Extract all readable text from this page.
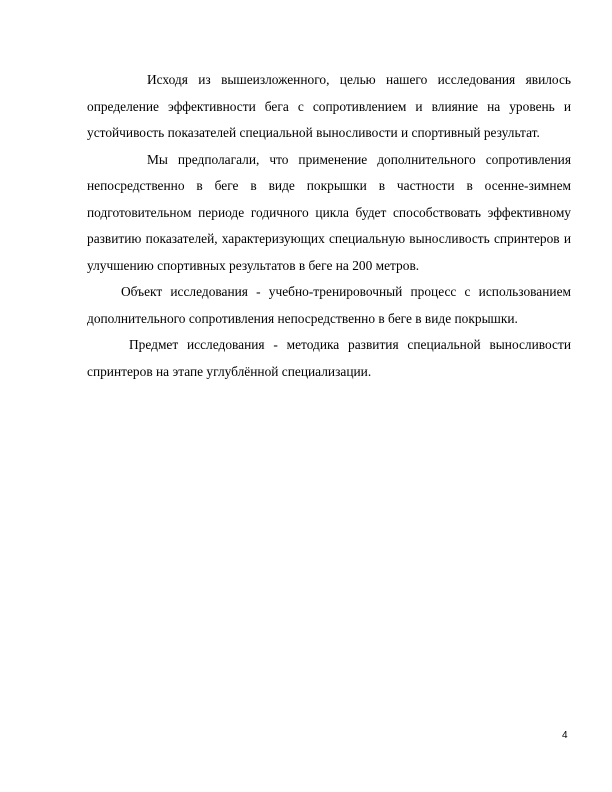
Исходя из вышеизложенного, целью нашего исследования явилось определение эффективности бега с сопротивлением и влияние на уровень и устойчивость показателей специальной выносливости и спортивный результат.

Мы предполагали, что применение дополнительного сопротивления непосредственно в беге в виде покрышки в частности в осенне-зимнем подготовительном периоде годичного цикла будет способствовать эффективному развитию показателей, характеризующих специальную выносливость спринтеров и улучшению спортивных результатов в беге на 200 метров.

Объект исследования - учебно-тренировочный процесс с использованием дополнительного сопротивления непосредственно в беге в виде покрышки.

Предмет исследования - методика развития специальной выносливости спринтеров на этапе углублённой специализации.

4
